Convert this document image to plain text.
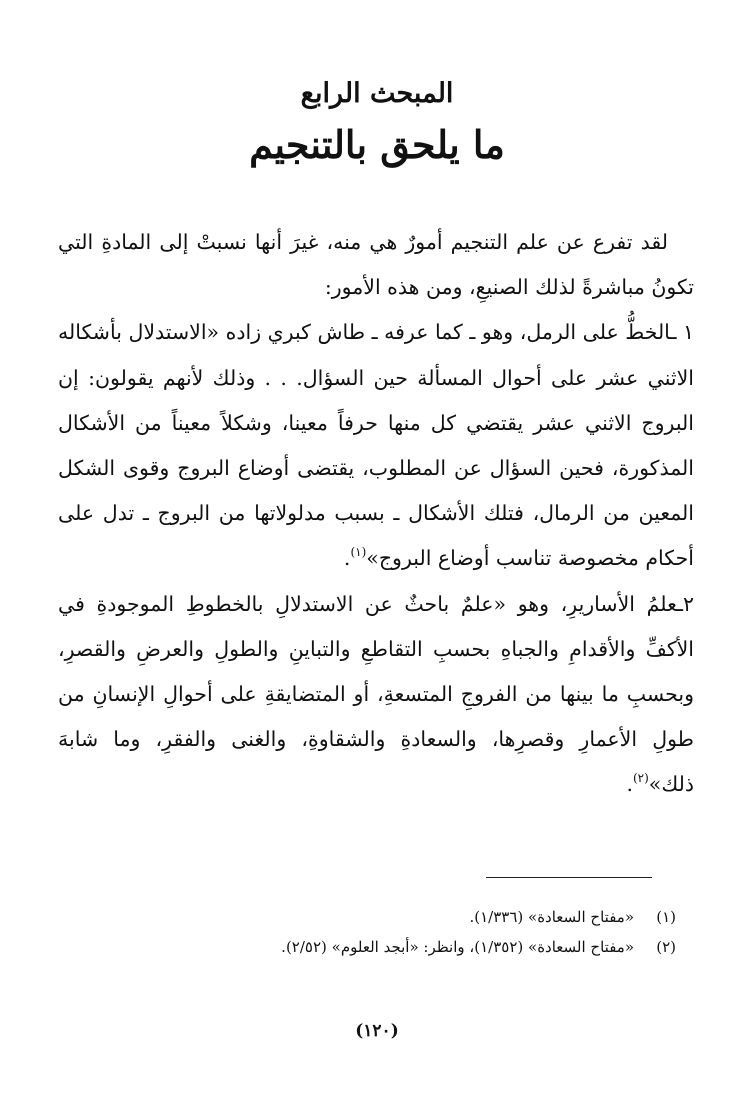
المبحث الرابع
ما يلحق بالتنجيم

لقد تفرع عن علم التنجيم أمورٌ هي منه، غيرَ أنها نسبتْ إلى المادةِ التي تكونُ مباشرةً لذلك الصنيعِ، ومن هذه الأمور:

١ ـالخطُّ على الرمل، وهو ـ كما عرفه ـ طاش كبري زاده «الاستدلال بأشكاله الاثني عشر على أحوال المسألة حين السؤال. . . وذلك لأنهم يقولون: إن البروج الاثني عشر يقتضي كل منها حرفاً معينا، وشكلاً معيناً من الأشكال المذكورة، فحين السؤال عن المطلوب، يقتضى أوضاع البروج وقوى الشكل المعين من الرمال، فتلك الأشكال ـ بسبب مدلولاتها من البروج ـ تدل على أحكام مخصوصة تناسب أوضاع البروج»$^{(١)}$.

٢ـعلمُ الأساريرِ، وهو «علمٌ باحثٌ عن الاستدلالِ بالخطوطِ الموجودةِ في الأكفِّ والأقدامِ والجباهِ بحسبِ التقاطعِ والتباينِ والطولِ والعرضِ والقصرِ، وبحسبِ ما بينها من الفروجِ المتسعةِ، أو المتضايقةِ على أحوالِ الإنسانِ من طولِ الأعمارِ وقصرِها، والسعادةِ والشقاوةِ، والغنى والفقرِ، وما شابهَ ذلك»$^{(٢)}$.

(١)«مفتاح السعادة» (١/٣٣٦).
(٢)«مفتاح السعادة» (١/٣٥٢)، وانظر: «أبجد العلوم» (٢/٥٢).
(١٢٠)
